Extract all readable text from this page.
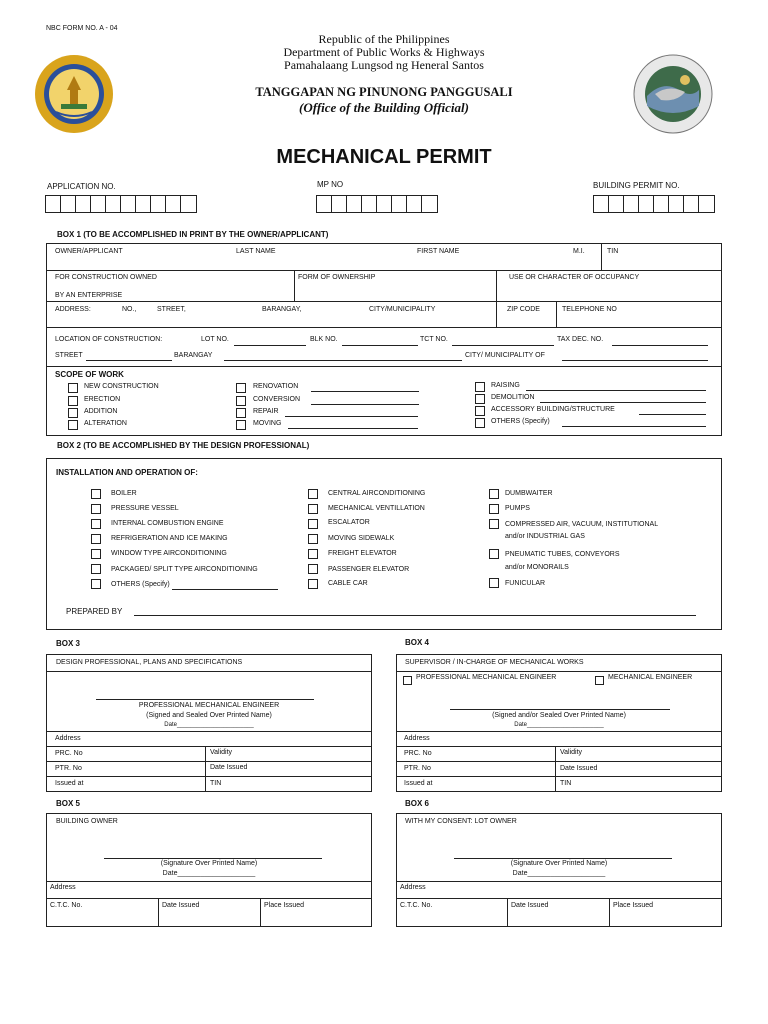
NBC FORM NO. A - 04
Republic of the Philippines
Department of Public Works & Highways
Pamahalaang Lungsod ng Heneral Santos
TANGGAPAN NG PINUNONG PANGGUSALI
(Office of the Building Official)
MECHANICAL PERMIT
APPLICATION NO.	MP NO	BUILDING PERMIT NO.
BOX 1 (TO BE ACCOMPLISHED IN PRINT BY THE OWNER/APPLICANT)
OWNER/APPLICANT	LAST NAME	FIRST NAME	M.I.	TIN
FOR CONSTRUCTION OWNED
BY AN ENTERPRISE
FORM OF OWNERSHIP	USE OR CHARACTER OF OCCUPANCY
ADDRESS:	NO.,	STREET,	BARANGAY,	CITY/MUNICIPALITY	ZIP CODE	TELEPHONE NO
LOCATION OF CONSTRUCTION:	LOT NO.	BLK NO.	TCT NO.	TAX DEC. NO.
STREET	BARANGAY	CITY/ MUNICIPALITY OF
SCOPE OF WORK
NEW CONSTRUCTION
ERECTION
ADDITION
ALTERATION
RENOVATION
CONVERSION
REPAIR
MOVING
RAISING
DEMOLITION
ACCESSORY BUILDING/STRUCTURE
OTHERS (Specify)
BOX 2 (TO BE ACCOMPLISHED BY THE DESIGN PROFESSIONAL)
INSTALLATION AND OPERATION OF:
BOILER
PRESSURE VESSEL
INTERNAL COMBUSTION ENGINE
REFRIGERATION AND ICE MAKING
WINDOW TYPE AIRCONDITIONING
PACKAGED/ SPLIT TYPE AIRCONDITIONING
OTHERS (Specify)
CENTRAL AIRCONDITIONING
MECHANICAL VENTILLATION
ESCALATOR
MOVING SIDEWALK
FREIGHT ELEVATOR
PASSENGER ELEVATOR
CABLE CAR
DUMBWAITER
PUMPS
COMPRESSED AIR, VACUUM, INSTITUTIONAL
and/or INDUSTRIAL GAS
PNEUMATIC TUBES, CONVEYORS
and/or MONORAILS
FUNICULAR
PREPARED BY
BOX 3
DESIGN PROFESSIONAL, PLANS AND SPECIFICATIONS
PROFESSIONAL MECHANICAL ENGINEER
(Signed and Sealed Over Printed Name)
Date_______________________
Address
PRC. No	Validity
PTR. No	Date Issued
Issued at	TIN
BOX 4
SUPERVISOR / IN-CHARGE OF MECHANICAL WORKS
PROFESSIONAL MECHANICAL ENGINEER	MECHANICAL ENGINEER
(Signed and/or Sealed Over Printed Name)
Date_______________________
Address
PRC. No	Validity
PTR. No	Date Issued
Issued at	TIN
BOX 5
BUILDING OWNER
(Signature Over Printed Name)
Date____________________
Address
C.T.C. No.	Date Issued	Place Issued
BOX 6
WITH MY CONSENT: LOT OWNER
(Signature Over Printed Name)
Date____________________
Address
C.T.C. No.	Date Issued	Place Issued
